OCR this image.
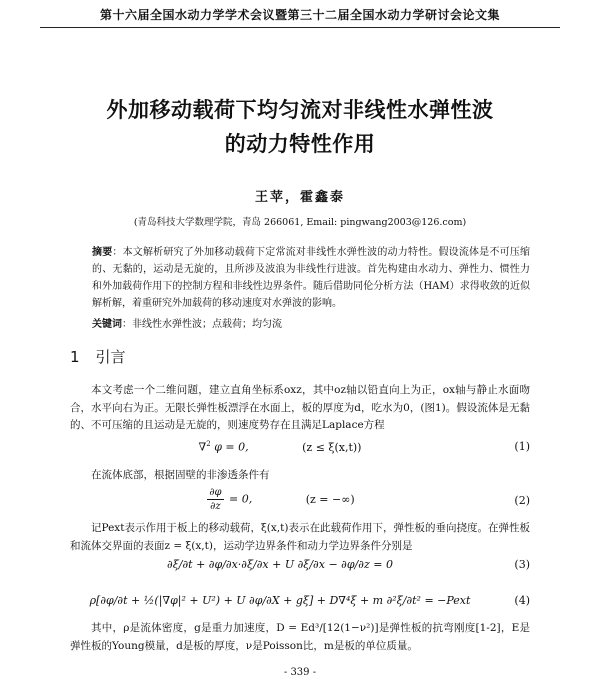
第十六届全国水动力学学术会议暨第三十二届全国水动力学研讨会论文集
外加移动载荷下均匀流对非线性水弹性波
的动力特性作用
王苹，霍鑫泰
(青岛科技大学数理学院，青岛 266061, Email: pingwang2003@126.com)
摘要：本文解析研究了外加移动载荷下定常流对非线性水弹性波的动力特性。假设流体是不可压缩的、无黏的，运动是无旋的，且所涉及波浪为非线性行进波。首先构建由水动力、弹性力、惯性力和外加载荷作用下的控制方程和非线性边界条件。随后借助同伦分析方法（HAM）求得收敛的近似解析解，着重研究外加载荷的移动速度对水弹波的影响。
关键词：非线性水弹性波；点载荷；均匀流
1 引言
本文考虑一个二维问题，建立直角坐标系oxz，其中oz轴以铅直向上为正，ox轴与静止水面吻合，水平向右为正。无限长弹性板漂浮在水面上，板的厚度为d，吃水为0，(图1)。假设流体是无黏的、不可压缩的且运动是无旋的，则速度势存在且满足Laplace方程
∇$^2$ φ = 0,	(z ≤ ξ(x,t))	(1)
在流体底部，根据固壁的非渗透条件有
$\frac{\partial\varphi}{\partial z} = 0$,	(z = −∞)	(2)
记Pext表示作用于板上的移动载荷，ξ(x,t)表示在此载荷作用下，弹性板的垂向挠度。在弹性板和流体交界面的表面z = ξ(x,t)，运动学边界条件和动力学边界条件分别是
∂ξ/∂t + ∂φ/∂x·∂ξ/∂x + U ∂ξ/∂x − ∂φ/∂z = 0	(3)
ρ[∂φ/∂t + ½(|∇φ|² + U²) + U ∂φ/∂X + gξ] + D∇⁴ξ + m ∂²ξ/∂t² = −Pext	(4)
其中，ρ是流体密度，g是重力加速度，D = Ed³/[12(1−ν²)]是弹性板的抗弯刚度[1-2]，E是弹性板的Young模量，d是板的厚度，ν是Poisson比，m是板的单位质量。
- 339 -
